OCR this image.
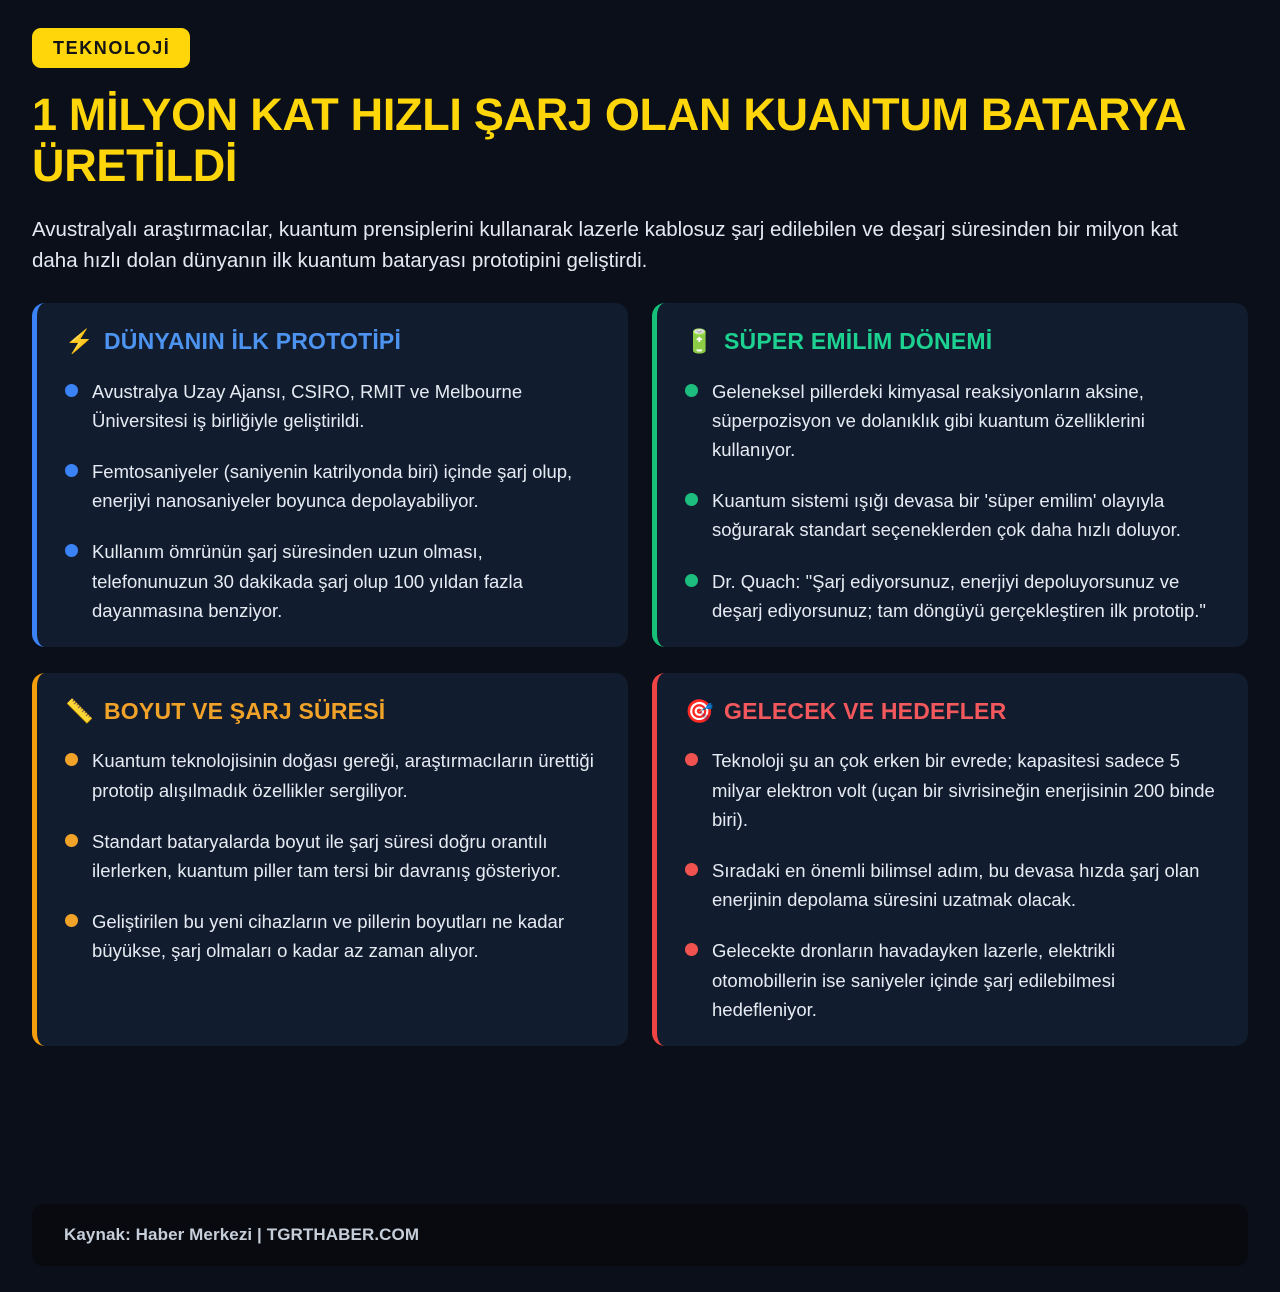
TEKNOLOJİ
1 MİLYON KAT HIZLI ŞARJ OLAN KUANTUM BATARYA ÜRETİLDİ

Avustralyalı araştırmacılar, kuantum prensiplerini kullanarak lazerle kablosuz şarj edilebilen ve deşarj süresinden bir milyon kat daha hızlı dolan dünyanın ilk kuantum bataryası prototipini geliştirdi.

⚡ DÜNYANIN İLK PROTOTİPİ
Avustralya Uzay Ajansı, CSIRO, RMIT ve Melbourne Üniversitesi iş birliğiyle geliştirildi.
Femtosaniyeler (saniyenin katrilyonda biri) içinde şarj olup, enerjiyi nanosaniyeler boyunca depolayabiliyor.
Kullanım ömrünün şarj süresinden uzun olması, telefonunuzun 30 dakikada şarj olup 100 yıldan fazla dayanmasına benziyor.
🔋 SÜPER EMİLİM DÖNEMİ
Geleneksel pillerdeki kimyasal reaksiyonların aksine, süperpozisyon ve dolanıklık gibi kuantum özelliklerini kullanıyor.
Kuantum sistemi ışığı devasa bir 'süper emilim' olayıyla soğurarak standart seçeneklerden çok daha hızlı doluyor.
Dr. Quach: "Şarj ediyorsunuz, enerjiyi depoluyorsunuz ve deşarj ediyorsunuz; tam döngüyü gerçekleştiren ilk prototip."
📏 BOYUT VE ŞARJ SÜRESİ
Kuantum teknolojisinin doğası gereği, araştırmacıların ürettiği prototip alışılmadık özellikler sergiliyor.
Standart bataryalarda boyut ile şarj süresi doğru orantılı ilerlerken, kuantum piller tam tersi bir davranış gösteriyor.
Geliştirilen bu yeni cihazların ve pillerin boyutları ne kadar büyükse, şarj olmaları o kadar az zaman alıyor.
🎯 GELECEK VE HEDEFLER
Teknoloji şu an çok erken bir evrede; kapasitesi sadece 5 milyar elektron volt (uçan bir sivrisineğin enerjisinin 200 binde biri).
Sıradaki en önemli bilimsel adım, bu devasa hızda şarj olan enerjinin depolama süresini uzatmak olacak.
Gelecekte dronların havadayken lazerle, elektrikli otomobillerin ise saniyeler içinde şarj edilebilmesi hedefleniyor.
Kaynak: Haber Merkezi | TGRTHABER.COM
